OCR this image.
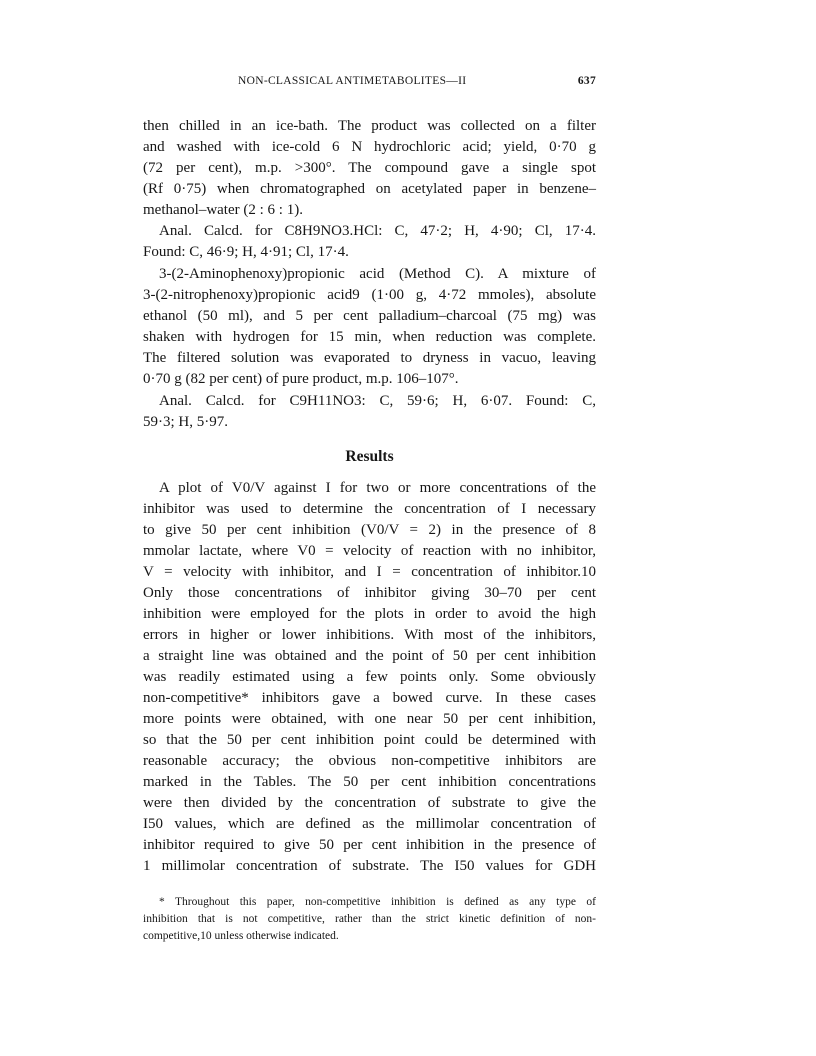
NON-CLASSICAL ANTIMETABOLITES—II	637
then chilled in an ice-bath. The product was collected on a filter
and washed with ice-cold 6 N hydrochloric acid; yield, 0·70 g
(72 per cent), m.p. >300°. The compound gave a single spot
(Rf 0·75) when chromatographed on acetylated paper in benzene–
methanol–water (2 : 6 : 1).
Anal. Calcd. for C8H9NO3.HCl: C, 47·2; H, 4·90; Cl, 17·4.
Found: C, 46·9; H, 4·91; Cl, 17·4.
3-(2-Aminophenoxy)propionic acid (Method C). A mixture of
3-(2-nitrophenoxy)propionic acid9 (1·00 g, 4·72 mmoles), absolute
ethanol (50 ml), and 5 per cent palladium–charcoal (75 mg) was
shaken with hydrogen for 15 min, when reduction was complete.
The filtered solution was evaporated to dryness in vacuo, leaving
0·70 g (82 per cent) of pure product, m.p. 106–107°.
Anal. Calcd. for C9H11NO3: C, 59·6; H, 6·07. Found: C,
59·3; H, 5·97.
Results
A plot of V0/V against I for two or more concentrations of the
inhibitor was used to determine the concentration of I necessary
to give 50 per cent inhibition (V0/V = 2) in the presence of 8
mmolar lactate, where V0 = velocity of reaction with no inhibitor,
V = velocity with inhibitor, and I = concentration of inhibitor.10
Only those concentrations of inhibitor giving 30–70 per cent
inhibition were employed for the plots in order to avoid the high
errors in higher or lower inhibitions. With most of the inhibitors,
a straight line was obtained and the point of 50 per cent inhibition
was readily estimated using a few points only. Some obviously
non-competitive* inhibitors gave a bowed curve. In these cases
more points were obtained, with one near 50 per cent inhibition,
so that the 50 per cent inhibition point could be determined with
reasonable accuracy; the obvious non-competitive inhibitors are
marked in the Tables. The 50 per cent inhibition concentrations
were then divided by the concentration of substrate to give the
I50 values, which are defined as the millimolar concentration of
inhibitor required to give 50 per cent inhibition in the presence of
1 millimolar concentration of substrate. The I50 values for GDH
* Throughout this paper, non-competitive inhibition is defined as any type of
inhibition that is not competitive, rather than the strict kinetic definition of non-
competitive,10 unless otherwise indicated.
